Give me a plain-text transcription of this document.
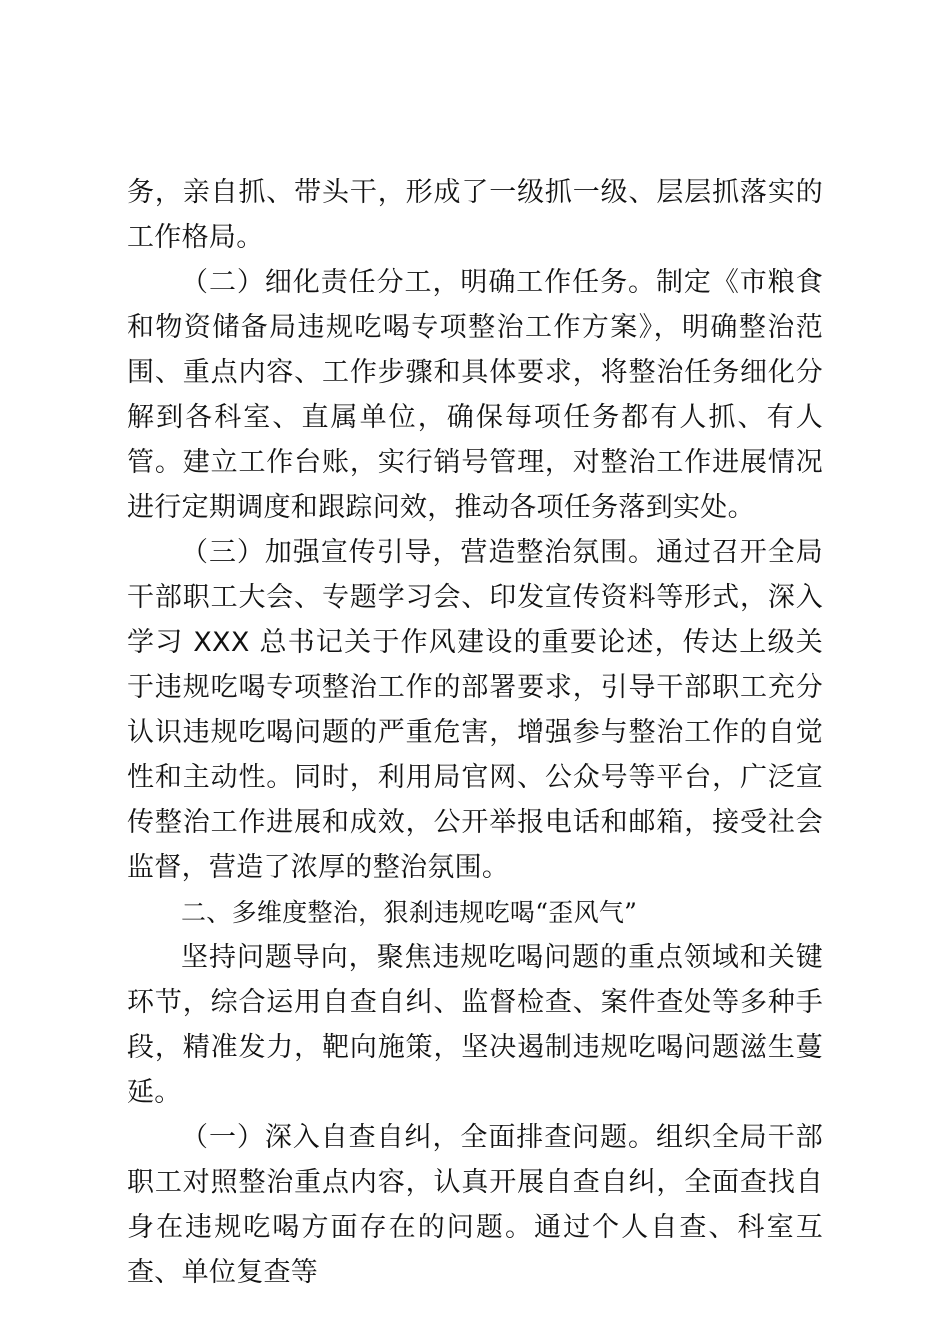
务，亲自抓、带头干，形成了一级抓一级、层层抓落实的工作格局。

（二）细化责任分工，明确工作任务。制定《市粮食和物资储备局违规吃喝专项整治工作方案》，明确整治范围、重点内容、工作步骤和具体要求，将整治任务细化分解到各科室、直属单位，确保每项任务都有人抓、有人管。建立工作台账，实行销号管理，对整治工作进展情况进行定期调度和跟踪问效，推动各项任务落到实处。

（三）加强宣传引导，营造整治氛围。通过召开全局干部职工大会、专题学习会、印发宣传资料等形式，深入学习 XXX 总书记关于作风建设的重要论述，传达上级关于违规吃喝专项整治工作的部署要求，引导干部职工充分认识违规吃喝问题的严重危害，增强参与整治工作的自觉性和主动性。同时，利用局官网、公众号等平台，广泛宣传整治工作进展和成效，公开举报电话和邮箱，接受社会监督，营造了浓厚的整治氛围。

二、多维度整治，狠刹违规吃喝“歪风气”

坚持问题导向，聚焦违规吃喝问题的重点领域和关键环节，综合运用自查自纠、监督检查、案件查处等多种手段，精准发力，靶向施策，坚决遏制违规吃喝问题滋生蔓延。

（一）深入自查自纠，全面排查问题。组织全局干部职工对照整治重点内容，认真开展自查自纠，全面查找自身在违规吃喝方面存在的问题。通过个人自查、科室互查、单位复查等
